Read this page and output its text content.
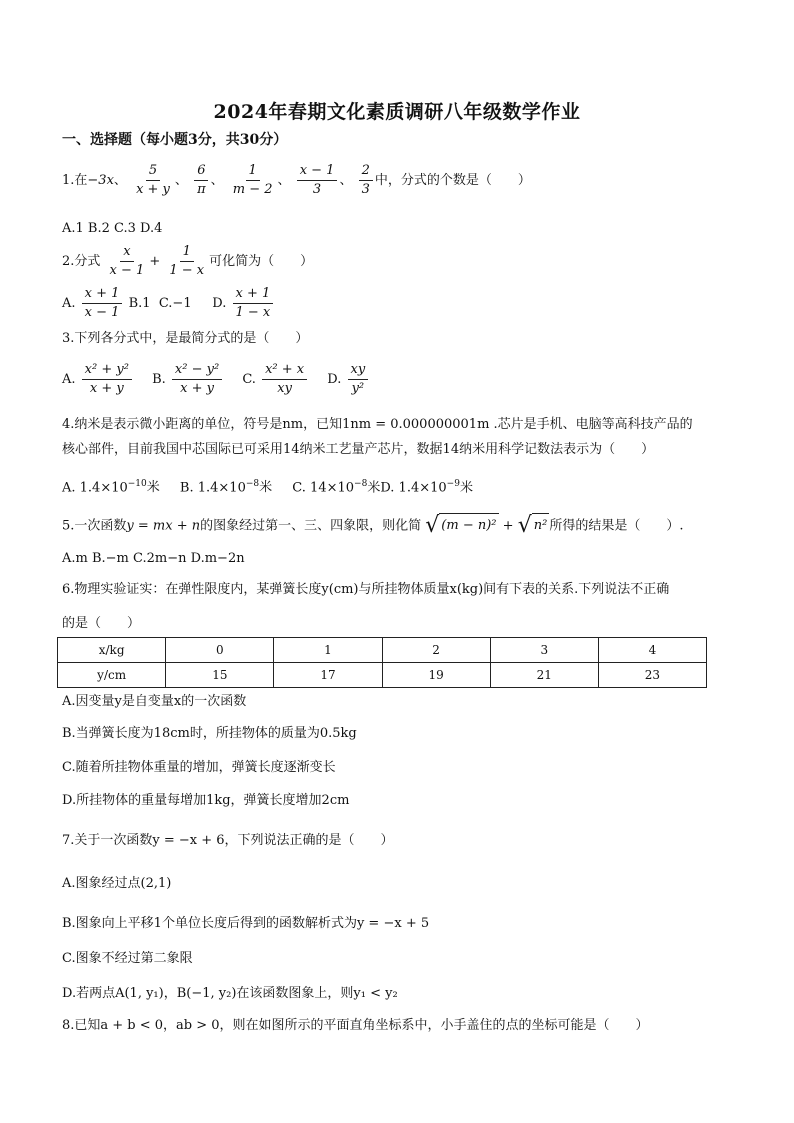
2024年春期文化素质调研八年级数学作业
一、选择题（每小题3分，共30分）
1.在−3x、 $\frac{5}{x + y}$ 、 $\frac{6}{\pi}$ 、 $\frac{1}{m - 2}$ 、 $\frac{x - 1}{3}$ 、 $\frac{2}{3}$ 中，分式的个数是（　　）
A.1 B.2 C.3 D.4
2.分式 $\frac{x}{x - 1} + \frac{1}{1 - x}$ 可化简为（　　）
A. $\frac{x + 1}{x - 1} B.1$ C.−1 D. $\frac{x + 1}{1 - x}$
3.下列各分式中，是最简分式的是（　　）
A. $\frac{\text{x² + y²}}{x + y} B$. $\frac{\text{x² − y²}}{x + y} C$. $\frac{\text{x² + x}}{xy} D$. $\frac{xy}{\text{y²}}$
4.纳米是表示微小距离的单位，符号是nm，已知1nm = 0.000000001m .芯片是手机、电脑等高科技产品的
核心部件，目前我国中芯国际已可采用14纳米工艺量产芯片，数据14纳米用科学记数法表示为（　　）
A. $1.4\times 10^{-10}$米 B. $1.4\times 10^{-8}$米 C. $14\times 10^{-8}$米D. $1.4\times 10^{-9}$米
5.一次函数y = mx + n的图象经过第一、三、四象限，则化简 √ (m − n)² + √ n² 所得的结果是（　　）.
A.m B.−m C.2m−n D.m−2n
6.物理实验证实：在弹性限度内，某弹簧长度y(cm)与所挂物体质量x(kg)间有下表的关系.下列说法不正确
的是（　　）
x/kg	0	1	2	3	4
y/cm	15	17	19	21	23
A.因变量y是自变量x的一次函数
B.当弹簧长度为18cm时，所挂物体的质量为0.5kg
C.随着所挂物体重量的增加，弹簧长度逐渐变长
D.所挂物体的重量每增加1kg，弹簧长度增加2cm
7.关于一次函数y = −x + 6，下列说法正确的是（　　）
A.图象经过点(2,1)
B.图象向上平移1个单位长度后得到的函数解析式为y = −x + 5
C.图象不经过第二象限
D.若两点A(1, y₁)，B(−1, y₂)在该函数图象上，则y₁ < y₂
8.已知a + b < 0，ab > 0，则在如图所示的平面直角坐标系中，小手盖住的点的坐标可能是（　　）
